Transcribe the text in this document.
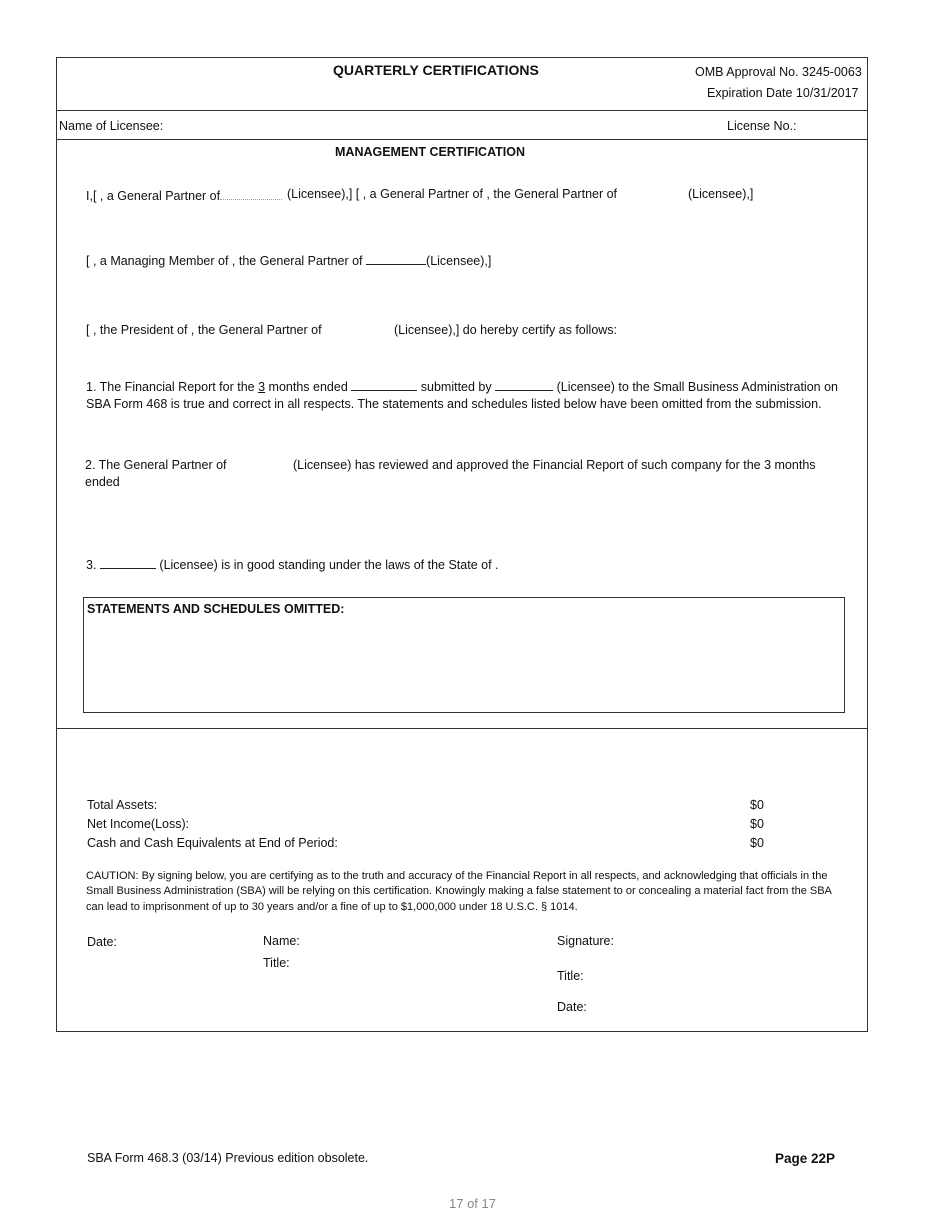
QUARTERLY CERTIFICATIONS	OMB Approval No. 3245-0063
Expiration Date 10/31/2017
Name of Licensee:	License No.:
MANAGEMENT CERTIFICATION
I,[ , a General Partner of	(Licensee),] [ , a General Partner of , the General Partner of	(Licensee),]
[ , a Managing Member of , the General Partner of	(Licensee),]
[ , the President of , the General Partner of	(Licensee),] do hereby certify as follows:
1. The Financial Report for the 3 months ended	submitted by	(Licensee) to the Small Business Administration on SBA Form 468 is true and correct in all respects. The statements and schedules listed below have been omitted from the submission.
2. The General Partner of	(Licensee) has reviewed and approved the Financial Report of such company for the 3 months
ended
3.	(Licensee) is in good standing under the laws of the State of .
STATEMENTS AND SCHEDULES OMITTED:
Total Assets:	$0
Net Income(Loss):	$0
Cash and Cash Equivalents at End of Period:	$0
CAUTION: By signing below, you are certifying as to the truth and accuracy of the Financial Report in all respects, and acknowledging that officials in the Small Business Administration (SBA) will be relying on this certification. Knowingly making a false statement to or concealing a material fact from the SBA can lead to imprisonment of up to 30 years and/or a fine of up to $1,000,000 under 18 U.S.C. § 1014.
Date:	Name:
Title:
Signature:
Title:
Date:
SBA Form 468.3 (03/14) Previous edition obsolete.	Page 22P
17 of 17
